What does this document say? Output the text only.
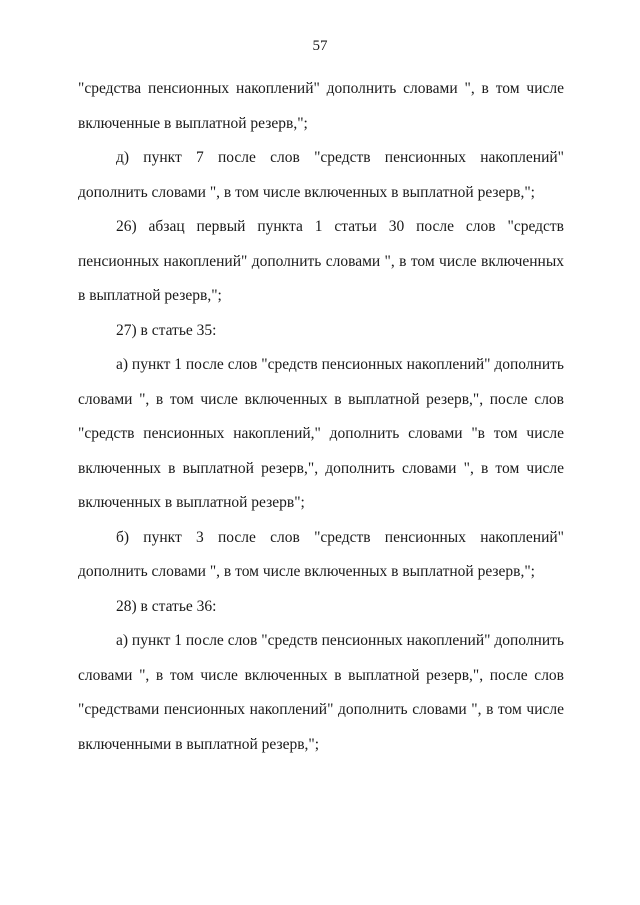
57

"средства пенсионных накоплений" дополнить словами ", в том числе включенные в выплатной резерв,";

д) пункт 7 после слов "средств пенсионных накоплений" дополнить словами ", в том числе включенных в выплатной резерв,";

26) абзац первый пункта 1 статьи 30 после слов "средств пенсионных накоплений" дополнить словами ", в том числе включенных в выплатной резерв,";

27) в статье 35:

а) пункт 1 после слов "средств пенсионных накоплений" дополнить словами ", в том числе включенных в выплатной резерв,", после слов "средств пенсионных накоплений," дополнить словами "в том числе включенных в выплатной резерв,", дополнить словами ", в том числе включенных в выплатной резерв";

б) пункт 3 после слов "средств пенсионных накоплений" дополнить словами ", в том числе включенных в выплатной резерв,";

28) в статье 36:

а) пункт 1 после слов "средств пенсионных накоплений" дополнить словами ", в том числе включенных в выплатной резерв,", после слов "средствами пенсионных накоплений" дополнить словами ", в том числе включенными в выплатной резерв,";
